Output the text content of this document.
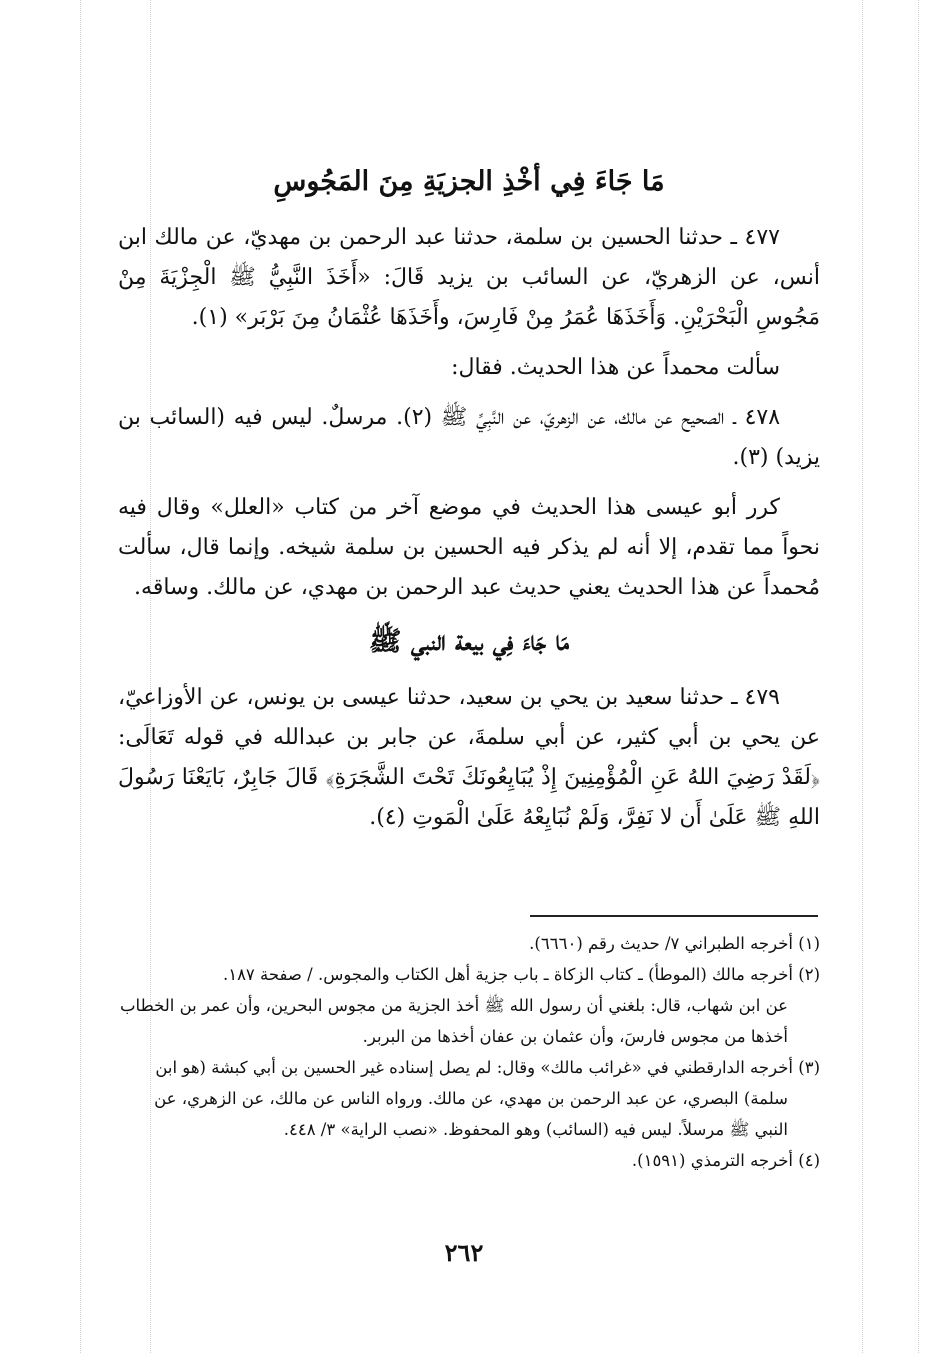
مَا جَاءَ فِي أخْذِ الجزيَةِ مِنَ المَجُوسِ

٤٧٧ ـ حدثنا الحسين بن سلمة، حدثنا عبد الرحمن بن مهديّ، عن مالك ابن أنس، عن الزهريّ، عن السائب بن يزيد قَالَ: «أَخَذَ النَّبِيُّ ﷺ الْجِزْيَةَ مِنْ مَجُوسِ الْبَحْرَيْنِ. وَأَخَذَهَا عُمَرُ مِنْ فَارِسَ، وأَخَذَهَا عُثْمَانُ مِنَ بَرْبَر» (١).

سألت محمداً عن هذا الحديث. فقال:

٤٧٨ ـ الصحيح عن مالك، عن الزهريّ، عن النَّبِيِّ ﷺ (٢). مرسلٌ. ليس فيه (السائب بن يزيد) (٣).

كرر أبو عيسى هذا الحديث في موضع آخر من كتاب «العلل» وقال فيه نحواً مما تقدم، إلا أنه لم يذكر فيه الحسين بن سلمة شيخه. وإنما قال، سألت مُحمداً عن هذا الحديث يعني حديث عبد الرحمن بن مهدي، عن مالك. وساقه.

مَا جَاءَ فِي بيعة النبي ﷺ

٤٧٩ ـ حدثنا سعيد بن يحي بن سعيد، حدثنا عيسى بن يونس، عن الأوزاعيّ، عن يحي بن أبي كثير، عن أبي سلمةَ، عن جابر بن عبدالله في قوله تَعَالَى: ﴿لَقَدْ رَضِيَ اللهُ عَنِ الْمُؤْمِنِينَ إِذْ يُبَايِعُونَكَ تَحْتَ الشَّجَرَةِ﴾ قَالَ جَابِرٌ، بَايَعْنَا رَسُولَ اللهِ ﷺ عَلَىٰ أَن لا نَفِرَّ، وَلَمْ نُبَايِعْهُ عَلَىٰ الْمَوتِ (٤).

(١) أخرجه الطبراني ٧/ حديث رقم (٦٦٦٠).

(٢) أخرجه مالك (الموطأ) ـ كتاب الزكاة ـ باب جزية أهل الكتاب والمجوس. / صفحة ١٨٧.

عن ابن شهاب، قال: بلغني أن رسول الله ﷺ أخذ الجزية من مجوس البحرين، وأن عمر بن الخطاب أخذها من مجوس فارسَ، وأن عثمان بن عفان أخذها من البربر.

(٣) أخرجه الدارقطني في «غرائب مالك» وقال: لم يصل إسناده غير الحسين بن أبي كبشة (هو ابن

سلمة) البصري، عن عبد الرحمن بن مهدي، عن مالك. ورواه الناس عن مالك، عن الزهري، عن النبي ﷺ مرسلاً. ليس فيه (السائب) وهو المحفوظ. «نصب الراية» ٣/ ٤٤٨.

(٤) أخرجه الترمذي (١٥٩١).

٢٦٢
